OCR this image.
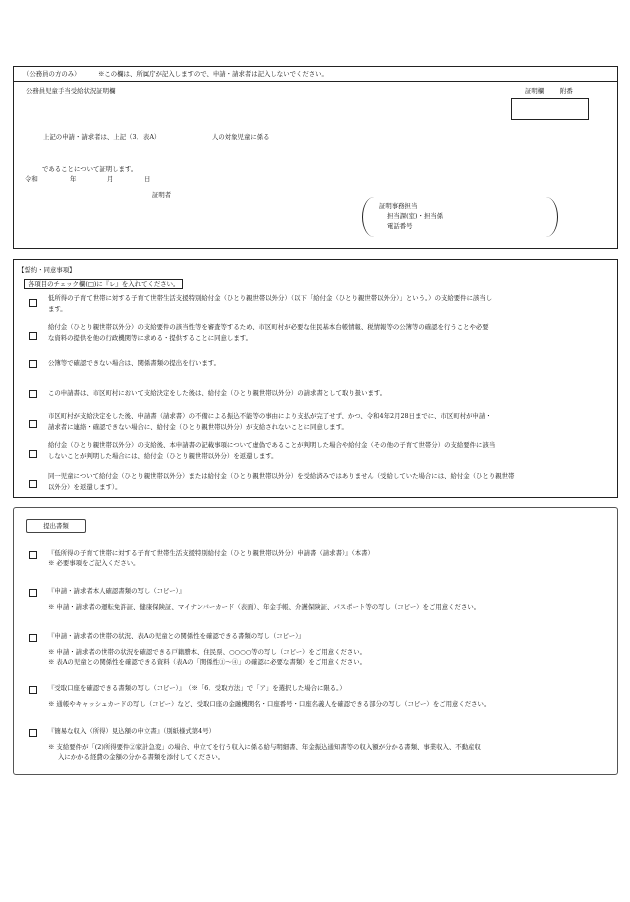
（公務員の方のみ）	※この欄は、所属庁が記入しますので、申請・請求者は記入しないでください。
公務員児童手当受給状況証明欄	証明欄 附番
上記の申請・請求者は、上記（3．表A）	人の対象児童に係る
であることについて証明します。
令和	年	月	日
証明者
証明事務担当
担当課(室)・担当係
電話番号
【誓約・同意事項】
各項目のチェック欄(□)に『レ』を入れてください。
低所得の子育て世帯に対する子育て世帯生活支援特別給付金（ひとり親世帯以外分）（以下「給付金（ひとり親世帯以外分）」という。）の支給要件に該当し
ます。
給付金（ひとり親世帯以外分）の支給要件の該当性等を審査等するため、市区町村が必要な住民基本台帳情報、税情報等の公簿等の確認を行うことや必要
な資料の提供を他の行政機関等に求める・提供することに同意します。
公簿等で確認できない場合は、関係書類の提出を行います。
この申請書は、市区町村において支給決定をした後は、給付金（ひとり親世帯以外分）の請求書として取り扱います。
市区町村が支給決定をした後、申請書（請求書）の不備による振込不能等の事由により支払が完了せず、かつ、令和4年2月28日までに、市区町村が申請・
請求者に連絡・確認できない場合に、給付金（ひとり親世帯以外分）が支給されないことに同意します。
給付金（ひとり親世帯以外分）の支給後、本申請書の記載事項について虚偽であることが判明した場合や給付金（その他の子育て世帯分）の支給要件に該当
しないことが判明した場合には、給付金（ひとり親世帯以外分）を返還します。
同一児童について給付金（ひとり親世帯以外分）または給付金（ひとり親世帯以外分）を受給済みではありません（受給していた場合には、給付金（ひとり親世帯
以外分）を返還します）。
提出書類
『低所得の子育て世帯に対する子育て世帯生活支援特別給付金（ひとり親世帯以外分）申請書（請求書）』（本書）
※ 必要事項をご記入ください。
『申請・請求者本人確認書類の写し（コピー）』
※ 申請・請求者の運転免許証、健康保険証、マイナンバーカード（表面）、年金手帳、介護保険証、パスポート等の写し（コピー）をご用意ください。
『申請・請求者の世帯の状況、表Aの児童との関係性を確認できる書類の写し（コピー）』
※ 申請・請求者の世帯の状況を確認できる戸籍謄本、住民票、○○○○等の写し（コピー）をご用意ください。
※ 表Aの児童との関係性を確認できる資料（表Aの「関係性①～④」の確認に必要な書類）をご用意ください。
『受取口座を確認できる書類の写し（コピー）』　（※「6．受取方法」で「ア」を選択した場合に限る。）
※ 通帳やキャッシュカードの写し（コピー）など、受取口座の金融機関名・口座番号・口座名義人を確認できる部分の写し（コピー）をご用意ください。
『簡易な収入（所得）見込額の申立書』（別紙様式第4号）
※ 支給要件が「(2)所得要件②家計急変」の場合、申立てを行う収入に係る給与明細書、年金振込通知書等の収入額が分かる書類、事業収入、不動産収
入にかかる経費の金額の分かる書類を添付してください。
